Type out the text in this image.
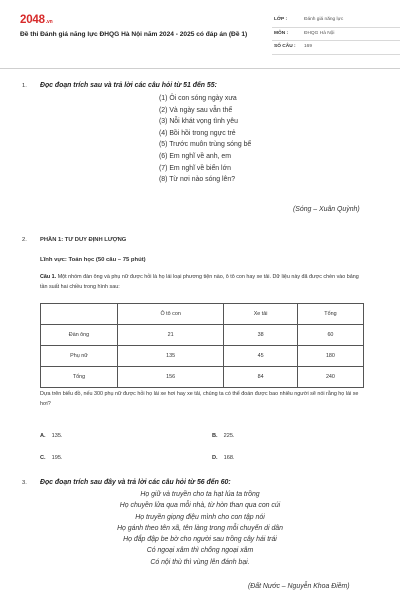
2048.vn
Đề thi Đánh giá năng lực ĐHQG Hà Nội năm 2024 - 2025 có đáp án (Đề 1)
LỚP :	Đánh giá năng lực
MÔN :	ĐHQG Hà Nội
SỐ CÂU : 169
1. Đọc đoạn trích sau và trả lời các câu hỏi từ 51 đến 55:
(1) Ôi con sóng ngày xưa
(2) Và ngày sau vẫn thế
(3) Nỗi khát vọng tình yêu
(4) Bồi hồi trong ngực trẻ
(5) Trước muôn trùng sóng bể
(6) Em nghĩ về anh, em
(7) Em nghĩ về biển lớn
(8) Từ nơi nào sóng lên?
(Sóng – Xuân Quỳnh)
2. PHẦN 1: TƯ DUY ĐỊNH LƯỢNG
Lĩnh vực: Toán học (50 câu – 75 phút)
Câu 1. Một nhóm đàn ông và phụ nữ được hỏi là họ lái loại phương tiện nào, ô tô con hay xe tải. Dữ liệu này đã được chèn vào bảng tần suất hai chiều trong hình sau:
	Ô tô con	Xe tải	Tổng
Đàn ông	21	38	60
Phụ nữ	135	45	180
Tổng	156	84	240
Dựa trên biểu đồ, nếu 300 phụ nữ được hỏi họ lái xe hơi hay xe tải, chúng ta có thể đoán được bao nhiêu người sẽ nói rằng họ lái xe hơi?
A. 135.	B. 225.
C. 195.	D. 168.
3. Đọc đoạn trích sau đây và trả lời các câu hỏi từ 56 đến 60:
Họ giữ và truyền cho ta hạt lúa ta trồng
Họ chuyền lửa qua mỗi nhà, từ hòn than qua con cúi
Họ truyền giọng điệu mình cho con tập nói
Họ gánh theo tên xã, tên làng trong mỗi chuyến di dân
Họ đắp đập be bờ cho người sau trồng cây hái trái
Có ngoại xâm thì chống ngoại xâm
Có nội thù thì vùng lên đánh bại.
(Đất Nước – Nguyễn Khoa Điềm)
